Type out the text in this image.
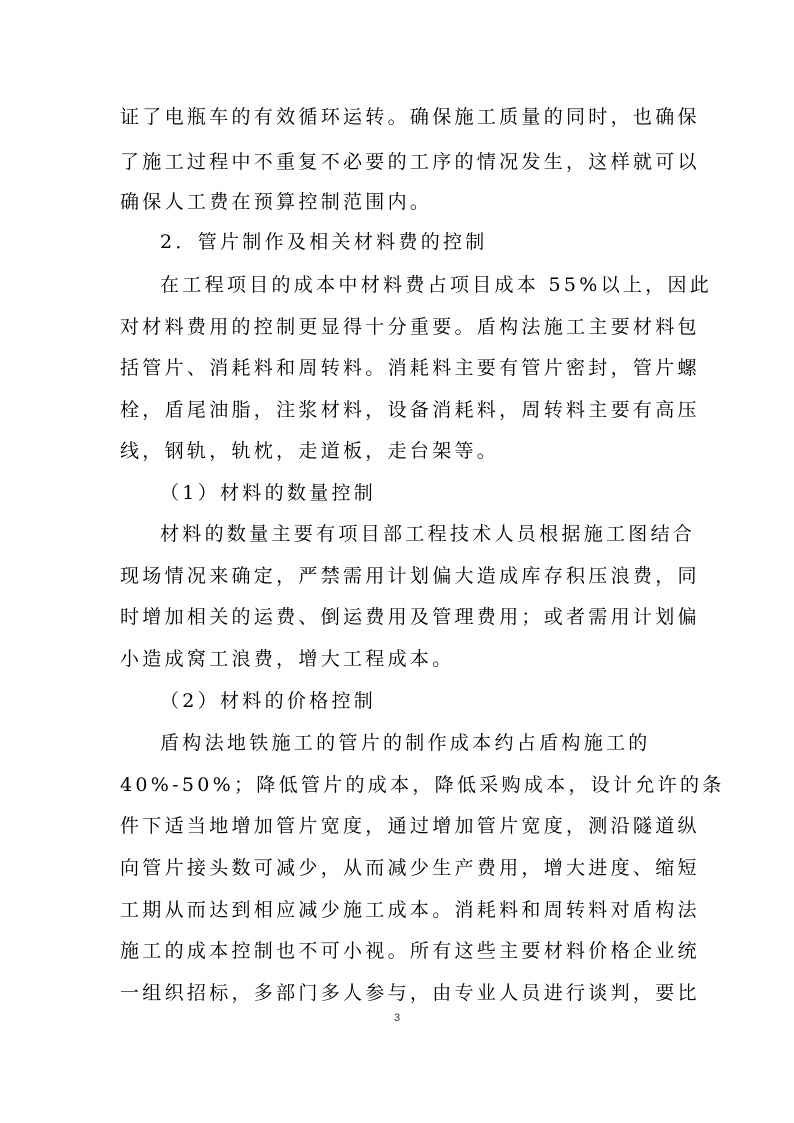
证了电瓶车的有效循环运转。确保施工质量的同时，也确保
了施工过程中不重复不必要的工序的情况发生，这样就可以
确保人工费在预算控制范围内。
2．管片制作及相关材料费的控制
在工程项目的成本中材料费占项目成本 55%以上，因此
对材料费用的控制更显得十分重要。盾构法施工主要材料包
括管片、消耗料和周转料。消耗料主要有管片密封，管片螺
栓，盾尾油脂，注浆材料，设备消耗料，周转料主要有高压
线，钢轨，轨枕，走道板，走台架等。
（1）材料的数量控制
材料的数量主要有项目部工程技术人员根据施工图结合
现场情况来确定，严禁需用计划偏大造成库存积压浪费，同
时增加相关的运费、倒运费用及管理费用；或者需用计划偏
小造成窝工浪费，增大工程成本。
（2）材料的价格控制
盾构法地铁施工的管片的制作成本约占盾构施工的
40%-50%；降低管片的成本，降低采购成本，设计允许的条
件下适当地增加管片宽度，通过增加管片宽度，测沿隧道纵
向管片接头数可减少，从而减少生产费用，增大进度、缩短
工期从而达到相应减少施工成本。消耗料和周转料对盾构法
施工的成本控制也不可小视。所有这些主要材料价格企业统
一组织招标，多部门多人参与，由专业人员进行谈判，要比
3
